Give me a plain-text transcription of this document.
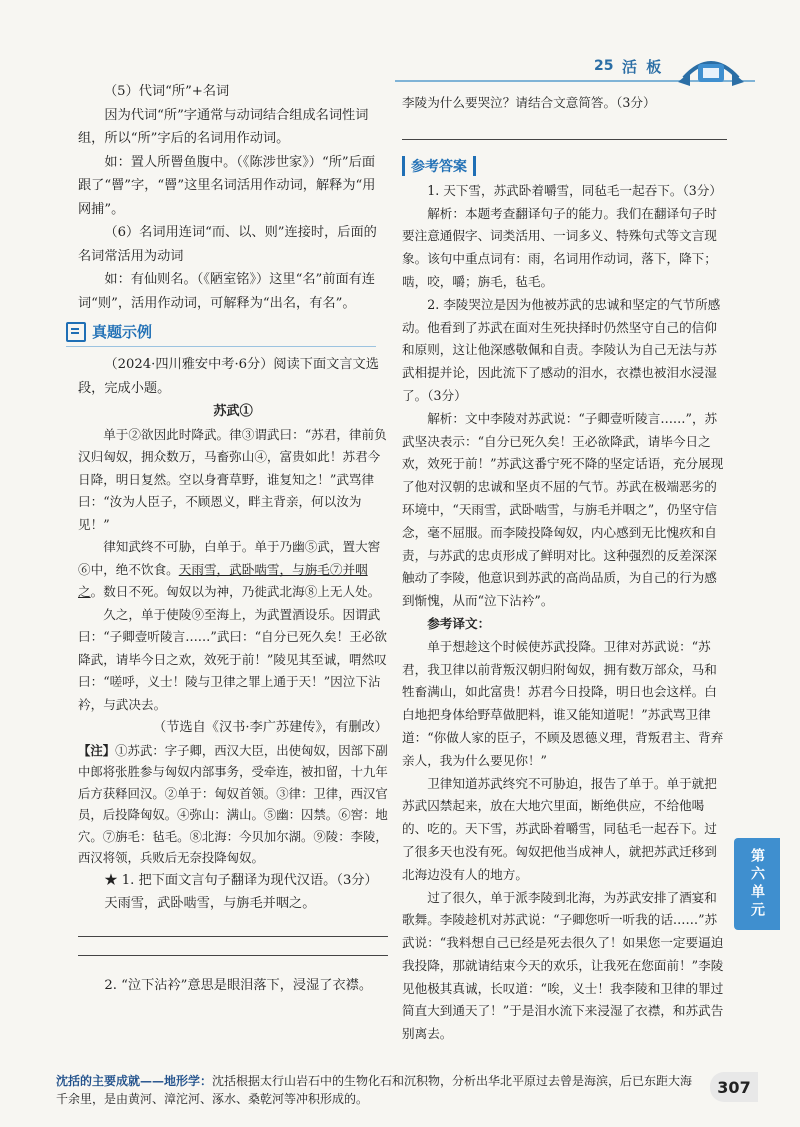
25 活 板

（5）代词“所”+名词

因为代词“所”字通常与动词结合组成名词性词组，所以“所”字后的名词用作动词。

如：置人所罾鱼腹中。（《陈涉世家》）“所”后面跟了“罾”字，“罾”这里名词活用作动词，解释为“用网捕”。

（6）名词用连词“而、以、则”连接时，后面的名词常活用为动词

如：有仙则名。（《陋室铭》）这里“名”前面有连词“则”，活用作动词，可解释为“出名，有名”。

真题示例

（2024·四川雅安中考·6分）阅读下面文言文选段，完成小题。

苏武①

单于②欲因此时降武。律③谓武曰：“苏君，律前负汉归匈奴，拥众数万，马畜弥山④，富贵如此！苏君今日降，明日复然。空以身膏草野，谁复知之！”武骂律曰：“汝为人臣子，不顾恩义，畔主背亲，何以汝为见！”

律知武终不可胁，白单于。单于乃幽⑤武，置大窖⑥中，绝不饮食。天雨雪，武卧啮雪，与旃毛⑦并咽之。数日不死。匈奴以为神，乃徙武北海⑧上无人处。

久之，单于使陵⑨至海上，为武置酒设乐。因谓武曰：“子卿壹听陵言……”武曰：“自分已死久矣！王必欲降武，请毕今日之欢，效死于前！”陵见其至诚，喟然叹曰：“嗟呼，义士！陵与卫律之罪上通于天！”因泣下沾衿，与武决去。

（节选自《汉书·李广苏建传》，有删改）

【注】①苏武：字子卿，西汉大臣，出使匈奴，因部下副中郎将张胜参与匈奴内部事务，受牵连，被扣留，十九年后方获释回汉。②单于：匈奴首领。③律：卫律，西汉官员，后投降匈奴。④弥山：满山。⑤幽：囚禁。⑥窖：地穴。⑦旃毛：毡毛。⑧北海：今贝加尔湖。⑨陵：李陵，西汉将领，兵败后无奈投降匈奴。

★ 1. 把下面文言句子翻译为现代汉语。（3分）

天雨雪，武卧啮雪，与旃毛并咽之。

2. “泣下沾衿”意思是眼泪落下，浸湿了衣襟。

李陵为什么要哭泣？请结合文意简答。（3分）

参考答案

1. 天下雪，苏武卧着嚼雪，同毡毛一起吞下。（3分）

解析：本题考查翻译句子的能力。我们在翻译句子时要注意通假字、词类活用、一词多义、特殊句式等文言现象。该句中重点词有：雨，名词用作动词，落下，降下；啮，咬，嚼；旃毛，毡毛。

2. 李陵哭泣是因为他被苏武的忠诚和坚定的气节所感动。他看到了苏武在面对生死抉择时仍然坚守自己的信仰和原则，这让他深感敬佩和自责。李陵认为自己无法与苏武相提并论，因此流下了感动的泪水，衣襟也被泪水浸湿了。（3分）

解析：文中李陵对苏武说：“子卿壹听陵言……”，苏武坚决表示：“自分已死久矣！王必欲降武，请毕今日之欢，效死于前！”苏武这番宁死不降的坚定话语，充分展现了他对汉朝的忠诚和坚贞不屈的气节。苏武在极端恶劣的环境中，“天雨雪，武卧啮雪，与旃毛并咽之”，仍坚守信念，毫不屈服。而李陵投降匈奴，内心感到无比愧疚和自责，与苏武的忠贞形成了鲜明对比。这种强烈的反差深深触动了李陵，他意识到苏武的高尚品质，为自己的行为感到惭愧，从而“泣下沾衿”。

参考译文：

单于想趁这个时候使苏武投降。卫律对苏武说：“苏君，我卫律以前背叛汉朝归附匈奴，拥有数万部众，马和牲畜满山，如此富贵！苏君今日投降，明日也会这样。白白地把身体给野草做肥料，谁又能知道呢！”苏武骂卫律道：“你做人家的臣子，不顾及恩德义理，背叛君主、背弃亲人，我为什么要见你！”

卫律知道苏武终究不可胁迫，报告了单于。单于就把苏武囚禁起来，放在大地穴里面，断绝供应，不给他喝的、吃的。天下雪，苏武卧着嚼雪，同毡毛一起吞下。过了很多天也没有死。匈奴把他当成神人，就把苏武迁移到北海边没有人的地方。

过了很久，单于派李陵到北海，为苏武安排了酒宴和歌舞。李陵趁机对苏武说：“子卿您听一听我的话……”苏武说：“我料想自己已经是死去很久了！如果您一定要逼迫我投降，那就请结束今天的欢乐，让我死在您面前！”李陵见他极其真诚，长叹道：“唉，义士！我李陵和卫律的罪过简直大到通天了！”于是泪水流下来浸湿了衣襟，和苏武告别离去。

第六单元
沈括的主要成就——地形学：沈括根据太行山岩石中的生物化石和沉积物，分析出华北平原过去曾是海滨，后已东距大海千余里，是由黄河、漳沱河、涿水、桑乾河等冲积形成的。
307
